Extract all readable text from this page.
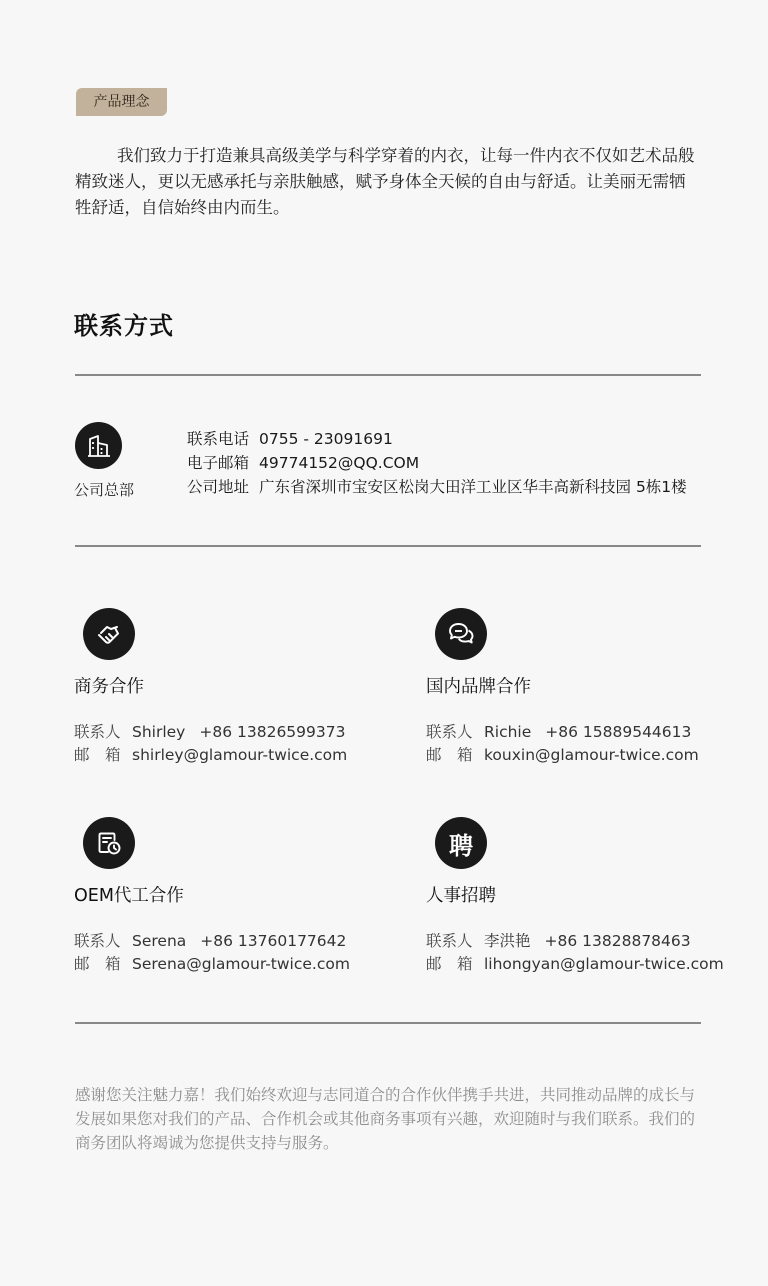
产品理念

我们致力于打造兼具高级美学与科学穿着的内衣，让每一件内衣不仅如艺术品般精致迷人，更以无感承托与亲肤触感，赋予身体全天候的自由与舒适。让美丽无需牺牲舒适，自信始终由内而生。

联系方式
公司总部
联系电话 0755 - 23091691
电子邮箱 49774152@QQ.COM
公司地址 广东省深圳市宝安区松岗大田洋工业区华丰高新科技园 5栋1楼
商务合作
联系人 Shirley +86 13826599373
邮　箱 shirley@glamour-twice.com
国内品牌合作
联系人 Richie +86 15889544613
邮　箱 kouxin@glamour-twice.com
OEM代工合作
联系人 Serena +86 13760177642
邮　箱 Serena@glamour-twice.com
聘
人事招聘
联系人 李洪艳 +86 13828878463
邮　箱 lihongyan@glamour-twice.com

感谢您关注魅力嘉！我们始终欢迎与志同道合的合作伙伴携手共进，共同推动品牌的成长与发展如果您对我们的产品、合作机会或其他商务事项有兴趣，欢迎随时与我们联系。我们的商务团队将竭诚为您提供支持与服务。
